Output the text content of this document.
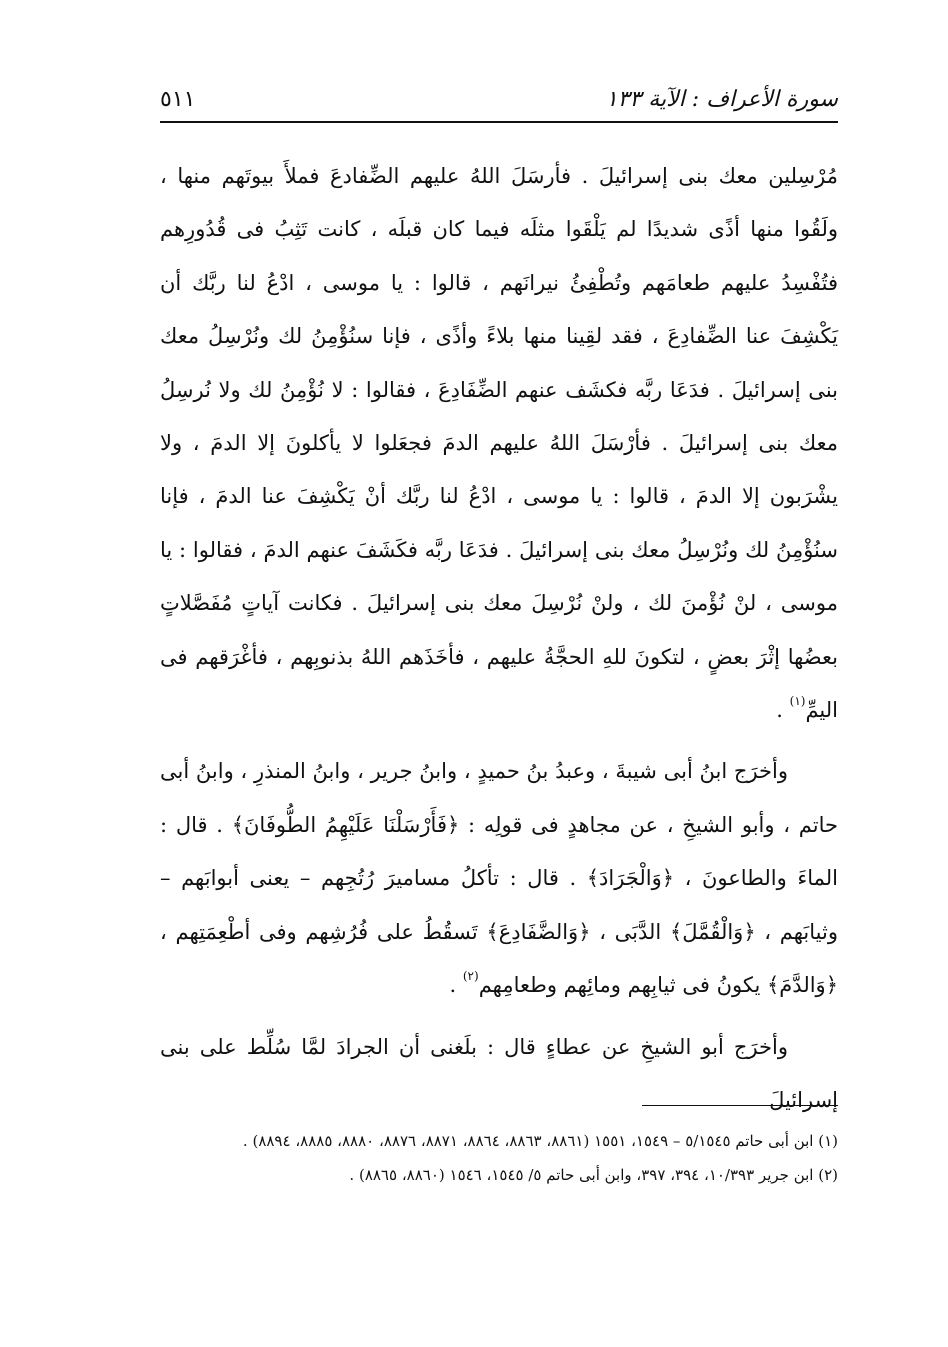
سورة الأعراف : الآية ١٣٣
٥١١

مُرْسِلين معك بنى إسرائيلَ . فأرسَلَ اللهُ عليهم الضِّفادعَ فملأَ بيوتَهم منها ، ولَقُوا منها أذًى شديدًا لم يَلْقَوا مثلَه فيما كان قبلَه ، كانت تَثِبُ فى قُدُورِهم فتُفْسِدُ عليهم طعامَهم وتُطْفِئُ نيرانَهم ، قالوا : يا موسى ، ادْعُ لنا ربَّك أن يَكْشِفَ عنا الضِّفادِعَ ، فقد لقِينا منها بلاءً وأذًى ، فإنا سنُؤْمِنُ لك ونُرْسِلُ معك بنى إسرائيلَ . فدَعَا ربَّه فكشَف عنهم الضِّفَادِعَ ، فقالوا : لا نُؤْمِنُ لك ولا نُرسِلُ معك بنى إسرائيلَ . فأرْسَلَ اللهُ عليهم الدمَ فجعَلوا لا يأكلونَ إلا الدمَ ، ولا يشْرَبون إلا الدمَ ، قالوا : يا موسى ، ادْعُ لنا ربَّك أنْ يَكْشِفَ عنا الدمَ ، فإنا سنُؤْمِنُ لك ونُرْسِلُ معك بنى إسرائيلَ . فدَعَا ربَّه فكَشَفَ عنهم الدمَ ، فقالوا : يا موسى ، لنْ نُؤْمنَ لك ، ولنْ نُرْسِلَ معك بنى إسرائيلَ . فكانت آياتٍ مُفَصَّلاتٍ بعضُها إثْرَ بعضٍ ، لتكونَ للهِ الحجَّةُ عليهم ، فأخَذَهم اللهُ بذنوبِهم ، فأغْرَقهم فى اليمِّ$^{(١)}$ .

وأخرَج ابنُ أبى شيبةَ ، وعبدُ بنُ حميدٍ ، وابنُ جرير ، وابنُ المنذرِ ، وابنُ أبى حاتم ، وأبو الشيخِ ، عن مجاهدٍ فى قولِه : ﴿فَأَرْسَلْنَا عَلَيْهِمُ الطُّوفَانَ﴾ . قال : الماءَ والطاعونَ ، ﴿وَالْجَرَادَ﴾ . قال : تأكلُ مساميرَ رُتُجِهم – يعنى أبوابَهم – وثيابَهم ، ﴿وَالْقُمَّلَ﴾ الدَّبَى ، ﴿وَالضَّفَادِعَ﴾ تَسقُطُ على فُرُشِهم وفى أطْعِمَتِهم ، ﴿وَالدَّمَ﴾ يكونُ فى ثيابِهم ومائِهم وطعامِهم$^{(٢)}$ .

وأخرَج أبو الشيخِ عن عطاءٍ قال : بلَغنى أن الجرادَ لمَّا سُلِّط على بنى إسرائيلَ

(١) ابن أبى حاتم ٥/١٥٤٥ – ١٥٤٩، ١٥٥١ (٨٨٦١، ٨٨٦٣، ٨٨٦٤، ٨٨٧١، ٨٨٧٦، ٨٨٨٠، ٨٨٨٥، ٨٨٩٤) .

(٢) ابن جرير ١٠/٣٩٣، ٣٩٤، ٣٩٧، وابن أبى حاتم ٥/ ١٥٤٥، ١٥٤٦ (٨٨٦٠، ٨٨٦٥) .
